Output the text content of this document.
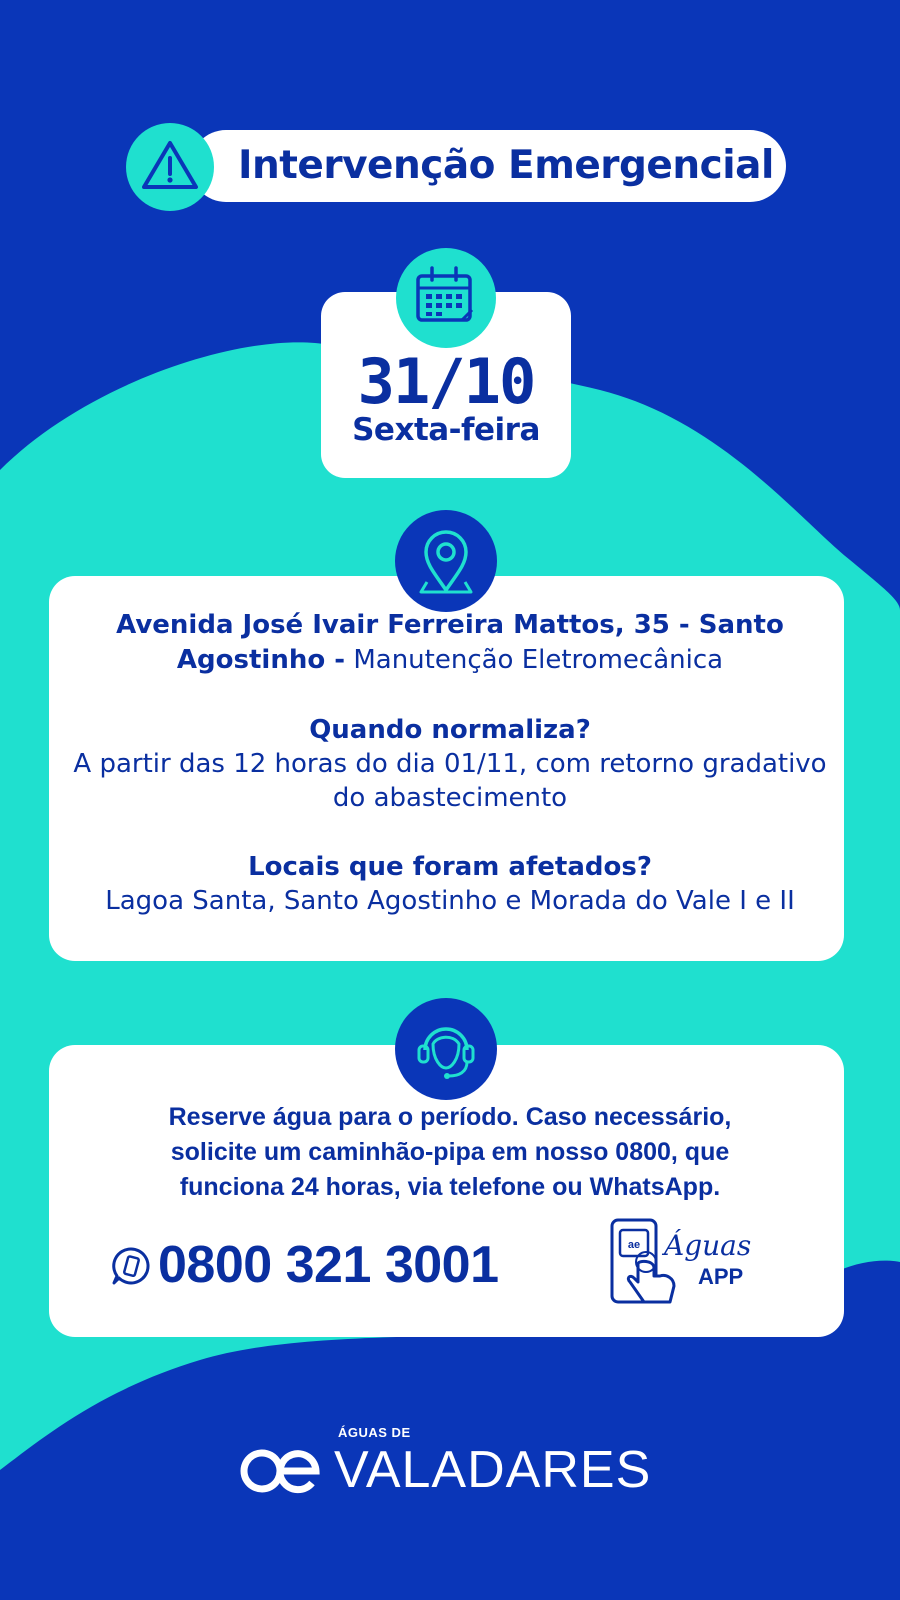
Intervenção Emergencial
31/10
Sexta-feira
Avenida José Ivair Ferreira Mattos, 35 - Santo
Agostinho - Manutenção Eletromecânica
Quando normaliza?
A partir das 12 horas do dia 01/11, com retorno gradativo
do abastecimento
Locais que foram afetados?
Lagoa Santa, Santo Agostinho e Morada do Vale I e II
Reserve água para o período. Caso necessário,
solicite um caminhão-pipa em nosso 0800, que
funciona 24 horas, via telefone ou WhatsApp.
0800 321 3001	ae Águas
APP
ÁGUAS DE
VALADARES
